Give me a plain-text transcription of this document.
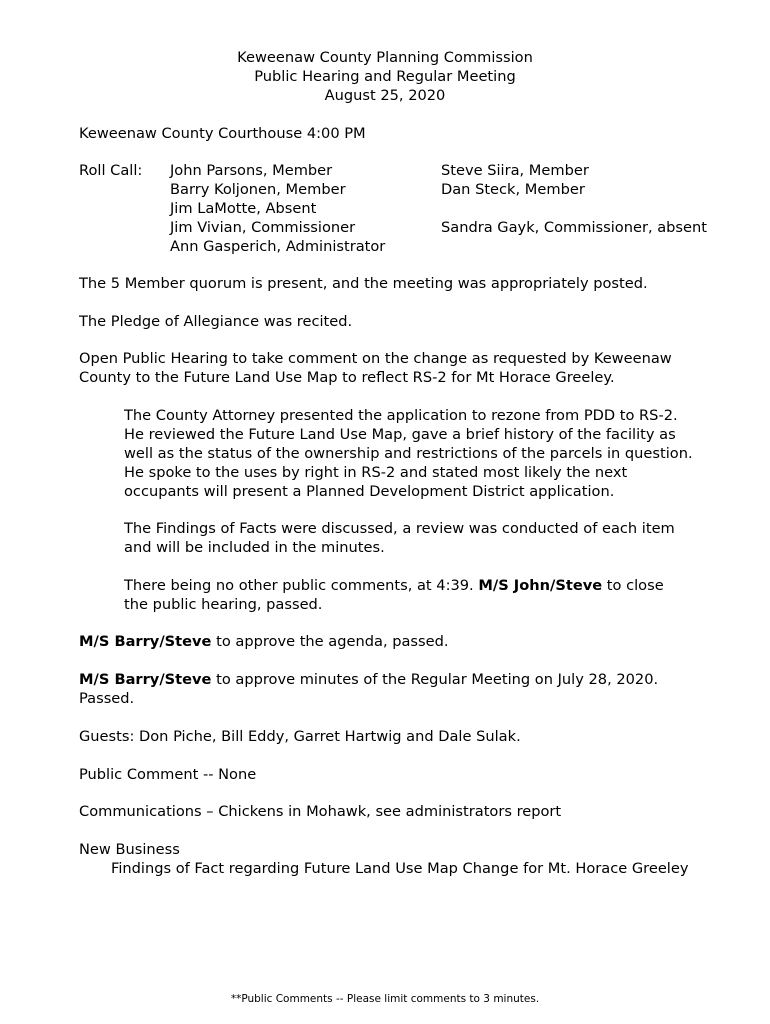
Keweenaw County Planning Commission
Public Hearing and Regular Meeting
August 25, 2020
Keweenaw County Courthouse 4:00 PM
Roll Call: John Parsons, Member
Barry Koljonen, Member
Jim LaMotte, Absent
Jim Vivian, Commissioner
Ann Gasperich, Administrator
Steve Siira, Member
Dan Steck, Member
Sandra Gayk, Commissioner, absent
The 5 Member quorum is present, and the meeting was appropriately posted.
The Pledge of Allegiance was recited.
Open Public Hearing to take comment on the change as requested by Keweenaw
County to the Future Land Use Map to reflect RS-2 for Mt Horace Greeley.
The County Attorney presented the application to rezone from PDD to RS-2.
He reviewed the Future Land Use Map, gave a brief history of the facility as
well as the status of the ownership and restrictions of the parcels in question.
He spoke to the uses by right in RS-2 and stated most likely the next
occupants will present a Planned Development District application.
The Findings of Facts were discussed, a review was conducted of each item
and will be included in the minutes.
There being no other public comments, at 4:39. M/S John/Steve to close
the public hearing, passed.
M/S Barry/Steve to approve the agenda, passed.
M/S Barry/Steve to approve minutes of the Regular Meeting on July 28, 2020.
Passed.
Guests: Don Piche, Bill Eddy, Garret Hartwig and Dale Sulak.
Public Comment -- None
Communications – Chickens in Mohawk, see administrators report
New Business
Findings of Fact regarding Future Land Use Map Change for Mt. Horace Greeley
**Public Comments -- Please limit comments to 3 minutes.
